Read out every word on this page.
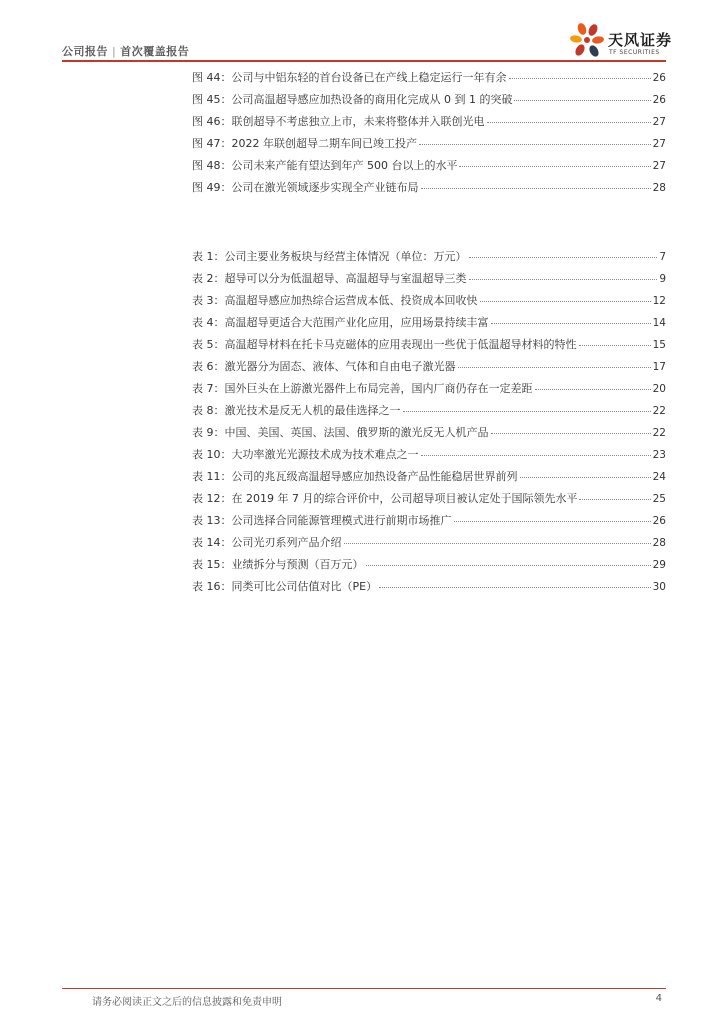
公司报告 | 首次覆盖报告
天风证券
TF SECURITIES
图 44：公司与中铝东轻的首台设备已在产线上稳定运行一年有余	26
图 45：公司高温超导感应加热设备的商用化完成从 0 到 1 的突破	26
图 46：联创超导不考虑独立上市，未来将整体并入联创光电	27
图 47：2022 年联创超导二期车间已竣工投产	27
图 48：公司未来产能有望达到年产 500 台以上的水平	27
图 49：公司在激光领域逐步实现全产业链布局	28
表 1：公司主要业务板块与经营主体情况（单位：万元）	7
表 2：超导可以分为低温超导、高温超导与室温超导三类	9
表 3：高温超导感应加热综合运营成本低、投资成本回收快	12
表 4：高温超导更适合大范围产业化应用，应用场景持续丰富	14
表 5：高温超导材料在托卡马克磁体的应用表现出一些优于低温超导材料的特性	15
表 6：激光器分为固态、液体、气体和自由电子激光器	17
表 7：国外巨头在上游激光器件上布局完善，国内厂商仍存在一定差距	20
表 8：激光技术是反无人机的最佳选择之一	22
表 9：中国、美国、英国、法国、俄罗斯的激光反无人机产品	22
表 10：大功率激光光源技术成为技术难点之一	23
表 11：公司的兆瓦级高温超导感应加热设备产品性能稳居世界前列	24
表 12：在 2019 年 7 月的综合评价中，公司超导项目被认定处于国际领先水平	25
表 13：公司选择合同能源管理模式进行前期市场推广	26
表 14：公司光刃系列产品介绍	28
表 15：业绩拆分与预测（百万元）	29
表 16：同类可比公司估值对比（PE）	30
请务必阅读正文之后的信息披露和免责申明	4
